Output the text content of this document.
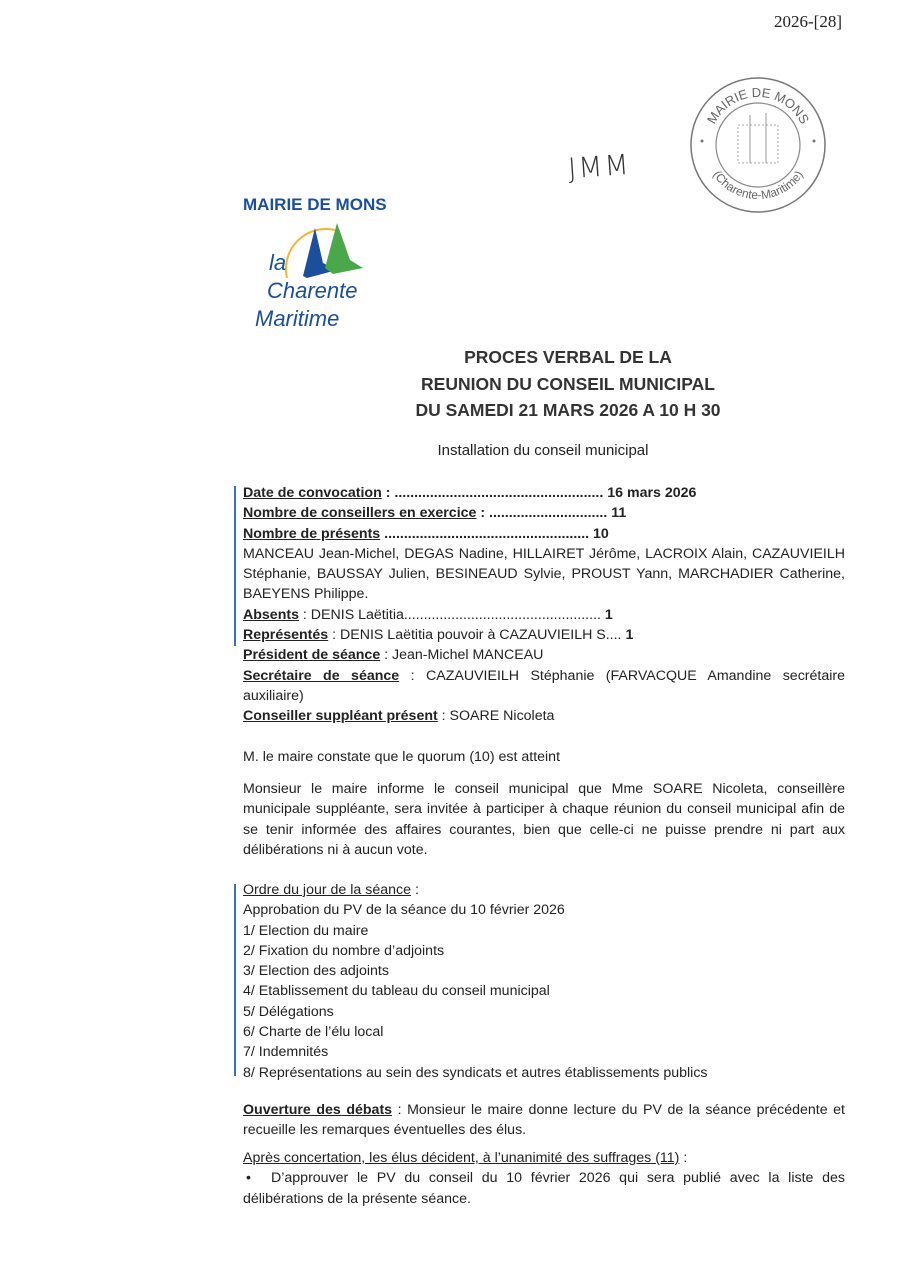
2026-[28]
JMM
MAIRIE DE MONS
(Charente-Maritime)
MAIRIE DE MONS
la
Charente
Maritime
PROCES VERBAL DE LA
REUNION DU CONSEIL MUNICIPAL
DU SAMEDI 21 MARS 2026 A 10 H 30
Installation du conseil municipal

Date de convocation : ..................................................... 16 mars 2026

Nombre de conseillers en exercice : .............................. 11

Nombre de présents .................................................... 10

MANCEAU Jean-Michel, DEGAS Nadine, HILLAIRET Jérôme, LACROIX Alain, CAZAUVIEILH Stéphanie, BAUSSAY Julien, BESINEAUD Sylvie, PROUST Yann, MARCHADIER Catherine, BAEYENS Philippe.

Absents : DENIS Laëtitia.................................................. 1

Représentés : DENIS Laëtitia pouvoir à CAZAUVIEILH S.... 1

Président de séance : Jean-Michel MANCEAU

Secrétaire de séance : CAZAUVIEILH Stéphanie (FARVACQUE Amandine secrétaire auxiliaire)

Conseiller suppléant présent : SOARE Nicoleta

M. le maire constate que le quorum (10) est atteint
Monsieur le maire informe le conseil municipal que Mme SOARE Nicoleta, conseillère municipale suppléante, sera invitée à participer à chaque réunion du conseil municipal afin de se tenir informée des affaires courantes, bien que celle-ci ne puisse prendre ni part aux délibérations ni à aucun vote.

Ordre du jour de la séance :

Approbation du PV de la séance du 10 février 2026

1/ Election du maire

2/ Fixation du nombre d’adjoints

3/ Election des adjoints

4/ Etablissement du tableau du conseil municipal

5/ Délégations

6/ Charte de l’élu local

7/ Indemnités

8/ Représentations au sein des syndicats et autres établissements publics

Ouverture des débats : Monsieur le maire donne lecture du PV de la séance précédente et recueille les remarques éventuelles des élus.

Après concertation, les élus décident, à l’unanimité des suffrages (11) :

• D’approuver le PV du conseil du 10 février 2026 qui sera publié avec la liste des délibérations de la présente séance.
